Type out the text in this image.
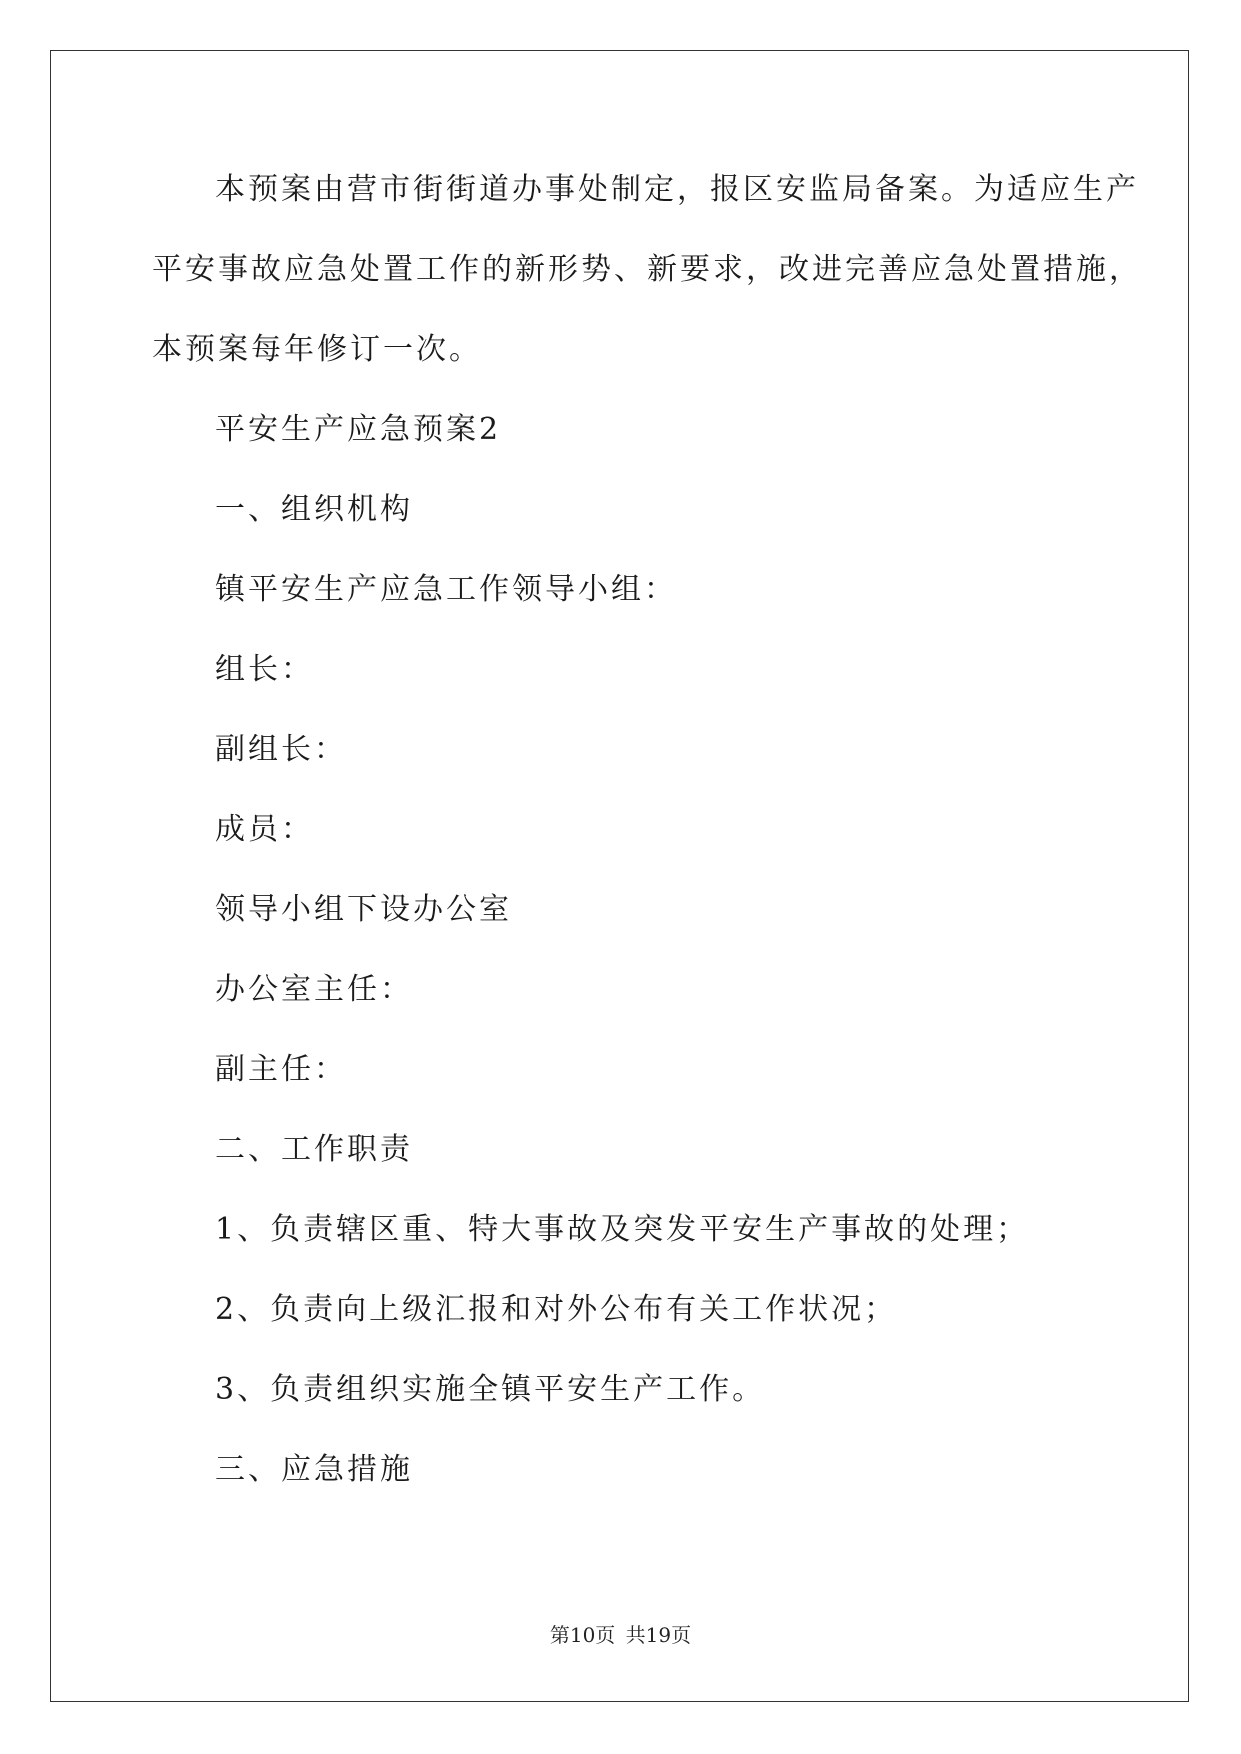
本预案由营市街街道办事处制定，报区安监局备案。为适应生产
平安事故应急处置工作的新形势、新要求，改进完善应急处置措施，
本预案每年修订一次。
平安生产应急预案2
一、组织机构
镇平安生产应急工作领导小组：
组长：
副组长：
成员：
领导小组下设办公室
办公室主任：
副主任：
二、工作职责
1、负责辖区重、特大事故及突发平安生产事故的处理；
2、负责向上级汇报和对外公布有关工作状况；
3、负责组织实施全镇平安生产工作。
三、应急措施
第10页 共19页
